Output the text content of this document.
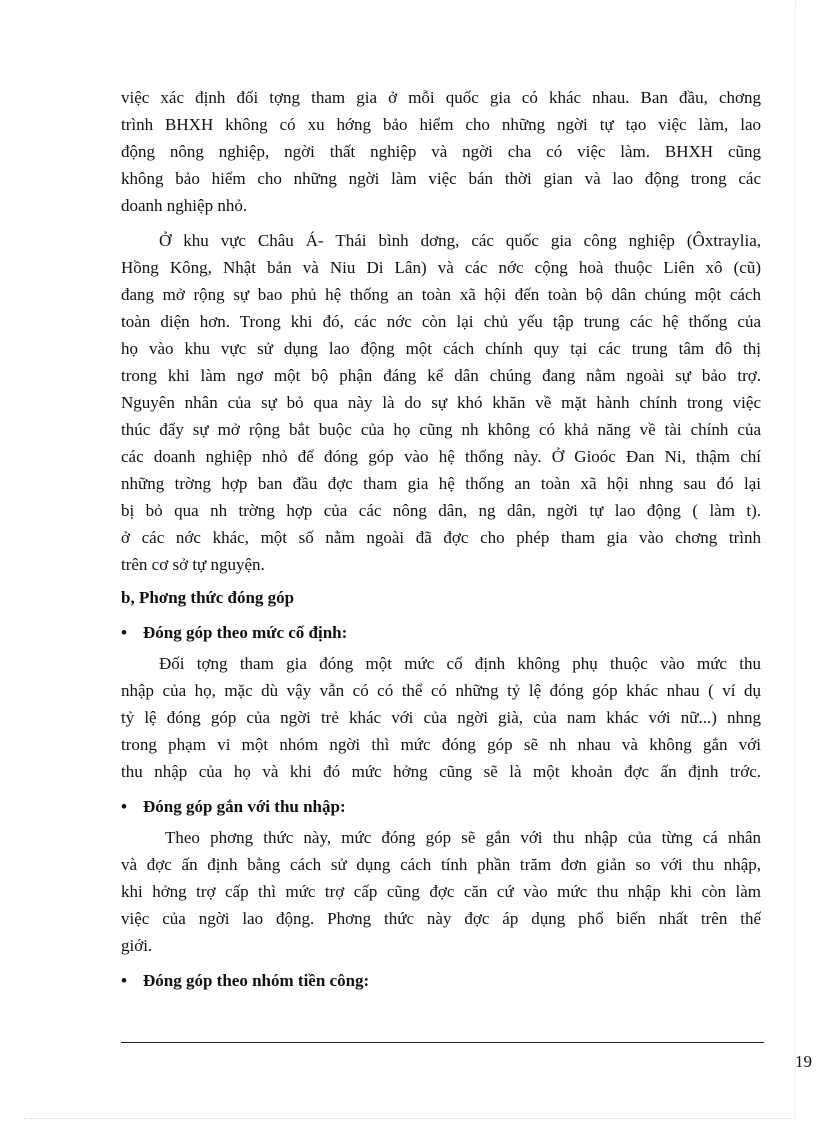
việc xác định đối tợng tham gia ở mỗi quốc gia có khác nhau. Ban đầu, chơng
trình BHXH không có xu hớng bảo hiểm cho những ngời tự tạo việc làm, lao
động nông nghiệp, ngời thất nghiệp và ngời cha có việc làm. BHXH cũng
không bảo hiểm cho những ngời làm việc bán thời gian và lao động trong các
doanh nghiệp nhỏ.
Ở khu vực Châu Á- Thái bình dơng, các quốc gia công nghiệp (Ôxtraylia,
Hồng Kông, Nhật bản và Niu Di Lân) và các nớc cộng hoà thuộc Liên xô (cũ)
đang mở rộng sự bao phủ hệ thống an toàn xã hội đến toàn bộ dân chúng một cách
toàn diện hơn. Trong khi đó, các nớc còn lại chủ yếu tập trung các hệ thống của
họ vào khu vực sử dụng lao động một cách chính quy tại các trung tâm đô thị
trong khi làm ngơ một bộ phận đáng kể dân chúng đang nằm ngoài sự bảo trợ.
Nguyên nhân của sự bỏ qua này là do sự khó khăn về mặt hành chính trong việc
thúc đẩy sự mở rộng bắt buộc của họ cũng nh không có khả năng về tài chính của
các doanh nghiệp nhỏ để đóng góp vào hệ thống này. Ở Gioóc Đan Ni, thậm chí
những trờng hợp ban đầu đợc tham gia hệ thống an toàn xã hội nhng sau đó lại
bị bỏ qua nh trờng hợp của các nông dân, ng dân, ngời tự lao động ( làm t).
ở các nớc khác, một số nằm ngoài đã đợc cho phép tham gia vào chơng trình
trên cơ sở tự nguyện.
b, Phơng thức đóng góp
• Đóng góp theo mức cố định:
Đối tợng tham gia đóng một mức cố định không phụ thuộc vào mức thu
nhập của họ, mặc dù vậy vẫn có có thể có những tỷ lệ đóng góp khác nhau ( ví dụ
tỷ lệ đóng góp của ngời trẻ khác với của ngời già, của nam khác với nữ...) nhng
trong phạm vi một nhóm ngời thì mức đóng góp sẽ nh nhau và không gắn với
thu nhập của họ và khi đó mức hởng cũng sẽ là một khoản đợc ấn định trớc.
• Đóng góp gắn với thu nhập:
Theo phơng thức này, mức đóng góp sẽ gắn với thu nhập của từng cá nhân
và đợc ấn định bằng cách sử dụng cách tính phần trăm đơn giản so với thu nhập,
khi hởng trợ cấp thì mức trợ cấp cũng đợc căn cứ vào mức thu nhập khi còn làm
việc của ngời lao động. Phơng thức này đợc áp dụng phổ biến nhất trên thế
giới.
• Đóng góp theo nhóm tiền công:
19
